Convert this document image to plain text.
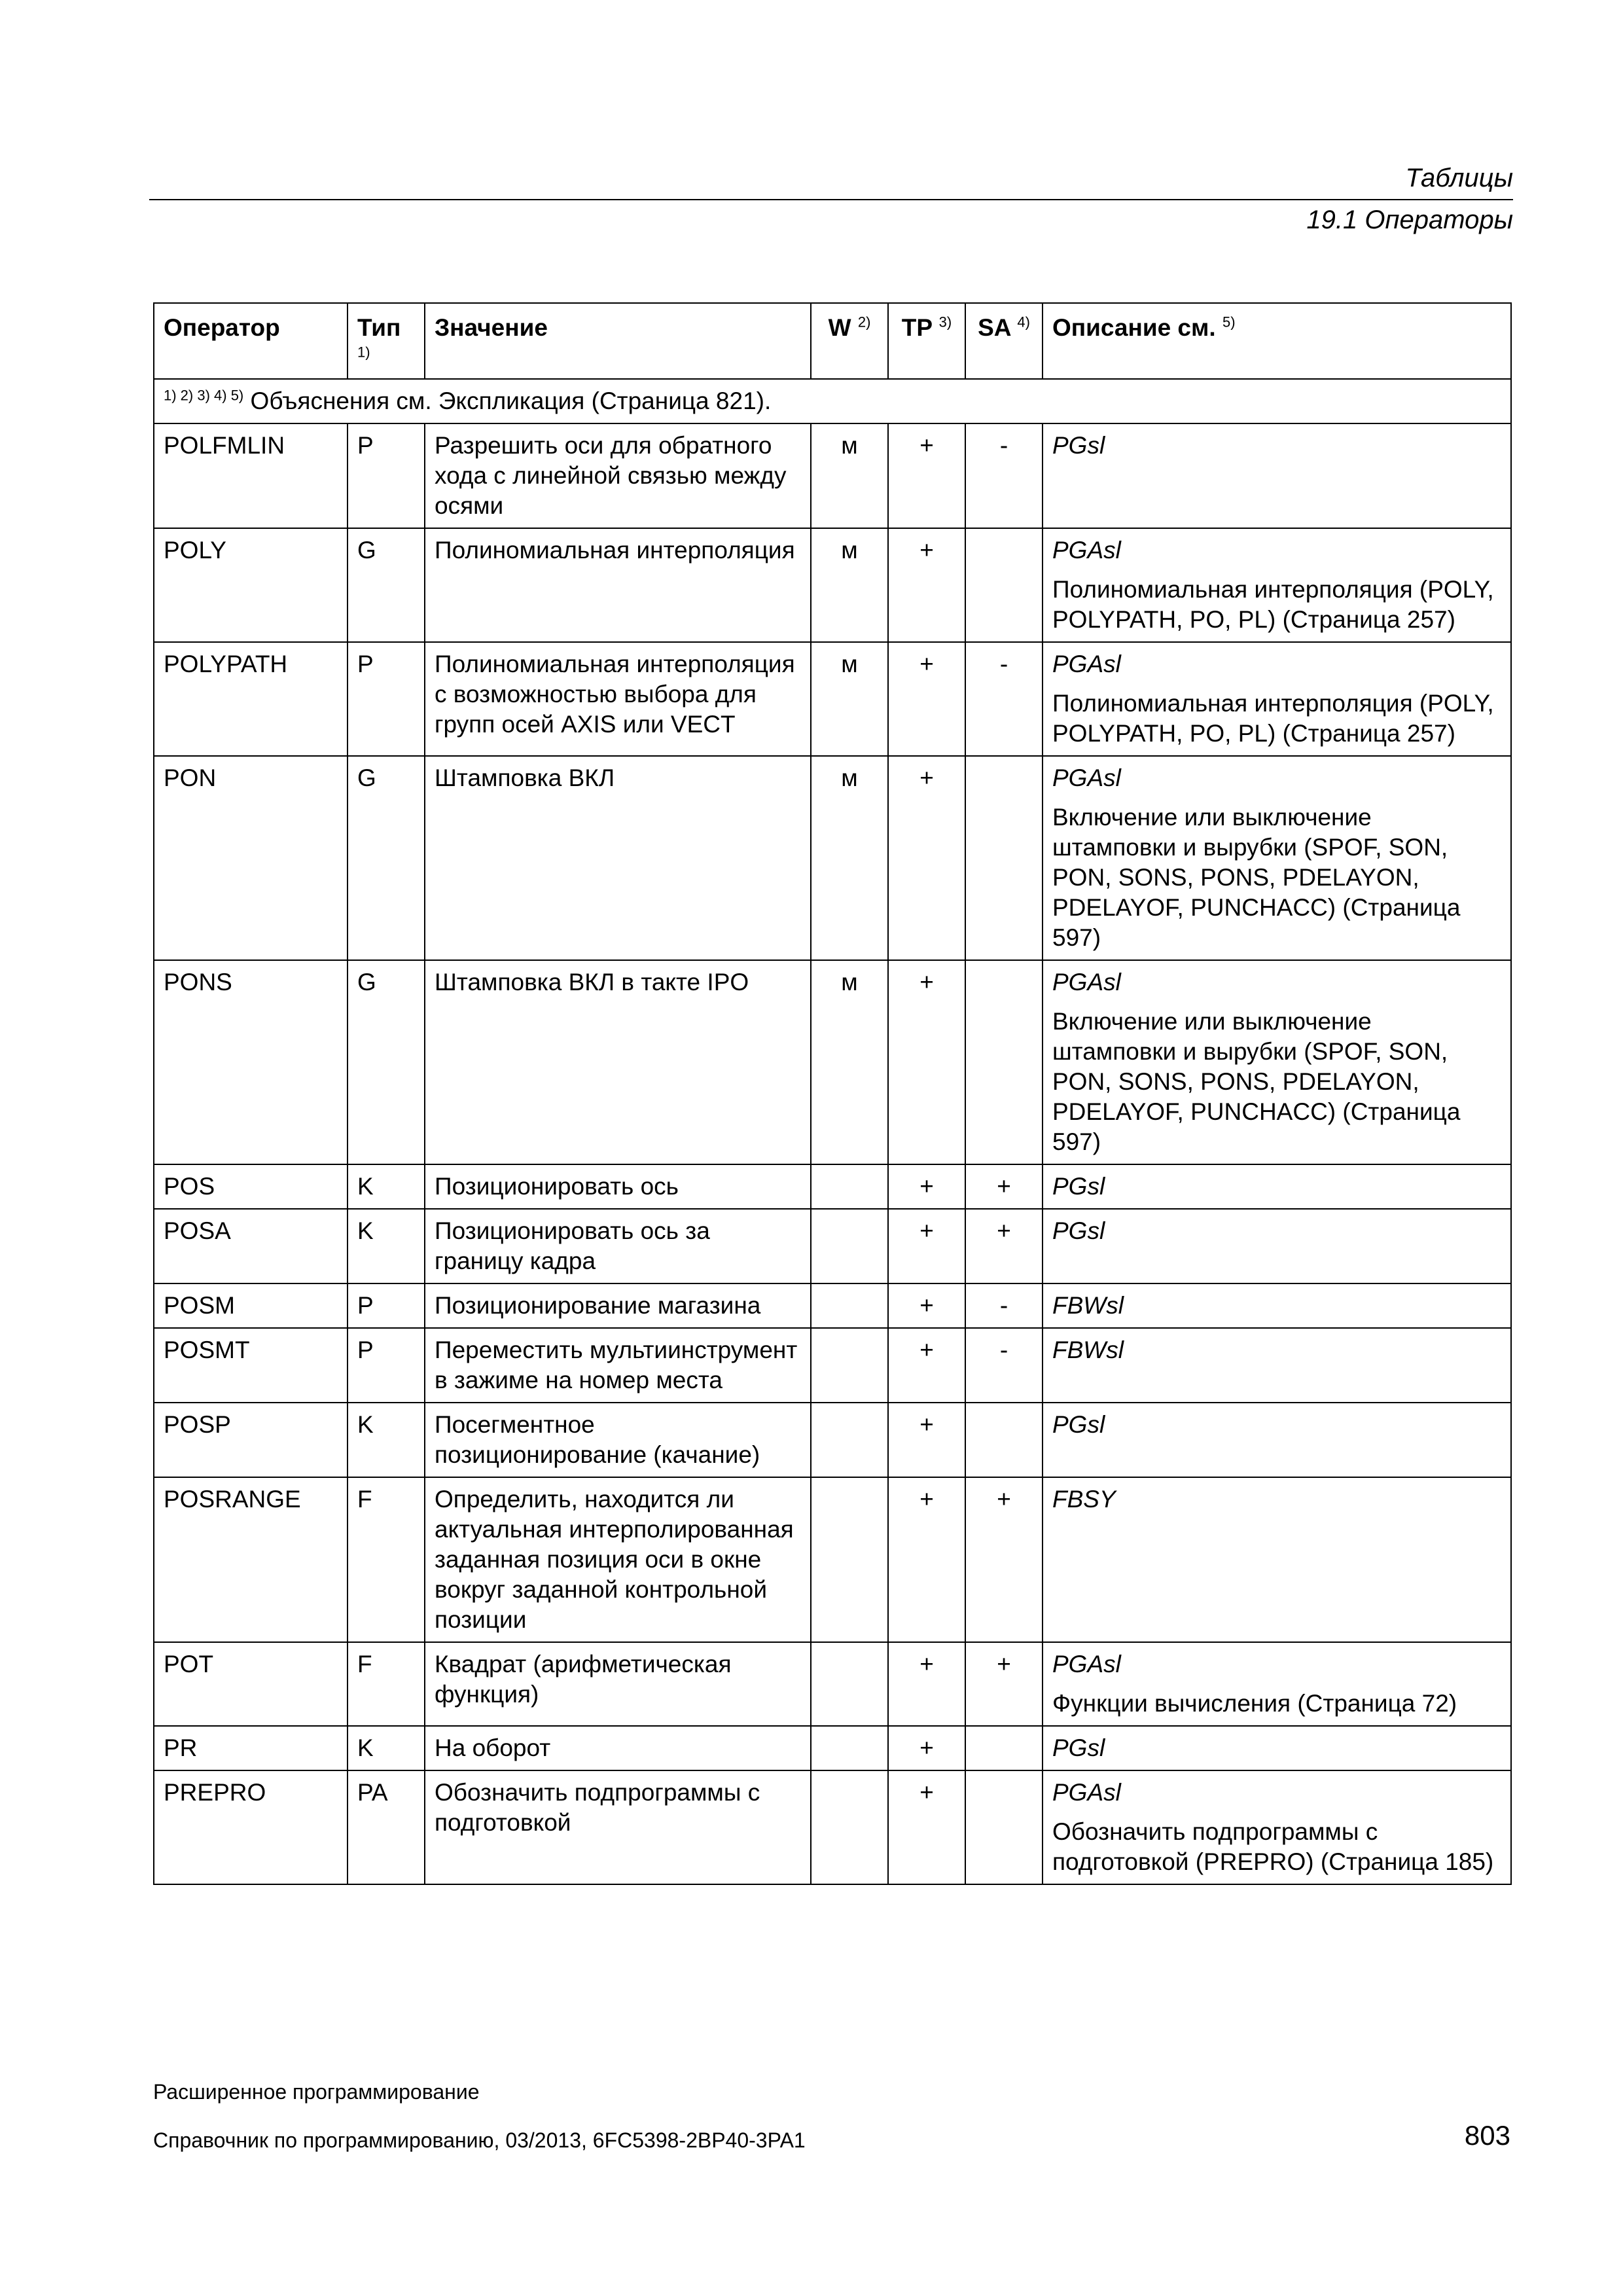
Таблицы
19.1 Операторы
Оператор	Тип $^{1)}$	Значение	W $^{2)}$	TP $^{3)}$	SA $^{4)}$	Описание см. $^{5)}$
$^{1) 2) 3) 4) 5)}$ Объяснения см. Экспликация (Страница 821).						
POLFMLIN	P	Разрешить оси для обратного хода с линейной связью между осями	м	+	-	PGsl

POLY	G	Полиномиальная интерполяция	м	+		PGAsl
Полиномиальная интерполяция (POLY, POLYPATH, PO, PL) (Страница 257)

POLYPATH	P	Полиномиальная интерполяция с возможностью выбора для групп осей AXIS или VECT	м	+	-	PGAsl
Полиномиальная интерполяция (POLY, POLYPATH, PO, PL) (Страница 257)

PON	G	Штамповка ВКЛ	м	+		PGAsl
Включение или выключение штамповки и вырубки (SPOF, SON, PON, SONS, PONS, PDELAYON, PDELAYOF, PUNCHACC) (Страница 597)

PONS	G	Штамповка ВКЛ в такте IPO	м	+		PGAsl
Включение или выключение штамповки и вырубки (SPOF, SON, PON, SONS, PONS, PDELAYON, PDELAYOF, PUNCHACC) (Страница 597)

POS	K	Позиционировать ось		+	+	PGsl

POSA	K	Позиционировать ось за границу кадра		+	+	PGsl

POSM	P	Позиционирование магазина		+	-	FBWsl

POSMT	P	Переместить мультиинструмент в зажиме на номер места		+	-	FBWsl

POSP	K	Посегментное позиционирование (качание)		+		PGsl

POSRANGE	F	Определить, находится ли актуальная интерполированная заданная позиция оси в окне вокруг заданной контрольной позиции		+	+	FBSY

POT	F	Квадрат (арифметическая функция)		+	+	PGAsl
Функции вычисления (Страница 72)

PR	K	На оборот		+		PGsl

PREPRO	PA	Обозначить подпрограммы с подготовкой		+		PGAsl
Обозначить подпрограммы с подготовкой (PREPRO) (Страница 185)
Расширенное программирование
Справочник по программированию, 03/2013, 6FC5398-2BP40-3PA1	803
